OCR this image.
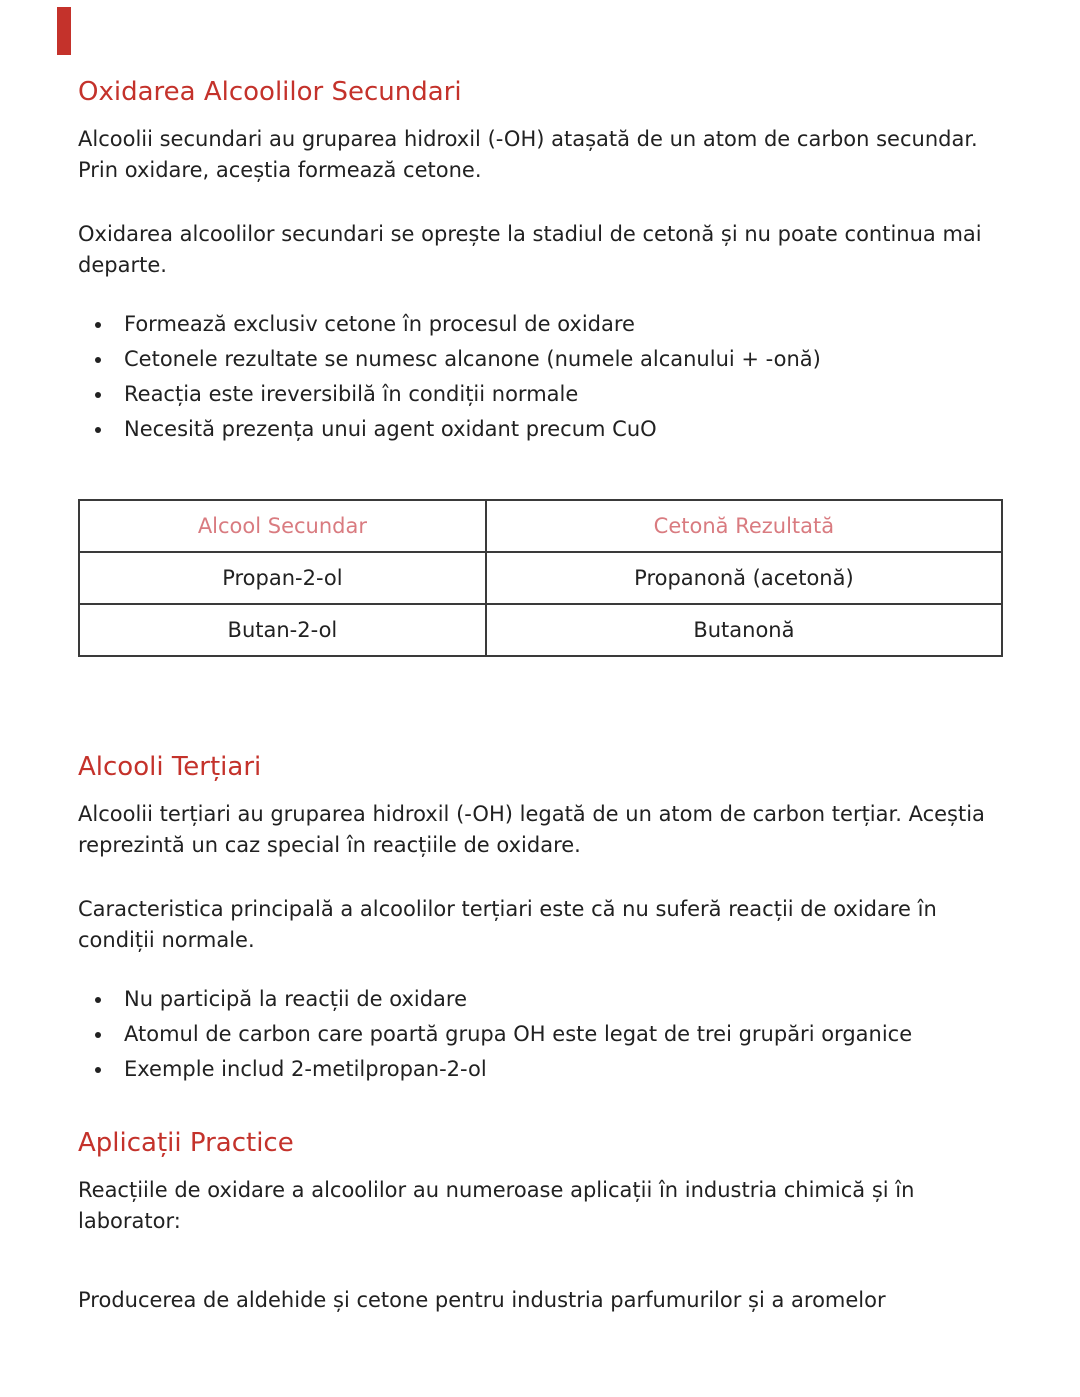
Oxidarea Alcoolilor Secundari

Alcoolii secundari au gruparea hidroxil (-OH) atașată de un atom de carbon secundar. Prin oxidare, aceștia formează cetone.

Oxidarea alcoolilor secundari se oprește la stadiul de cetonă și nu poate continua mai departe.

• Formează exclusiv cetone în procesul de oxidare
• Cetonele rezultate se numesc alcanone (numele alcanului + -onă)
• Reacția este ireversibilă în condiții normale
• Necesită prezența unui agent oxidant precum CuO
Alcool Secundar	Cetonă Rezultată
Propan-2-ol	Propanonă (acetonă)
Butan-2-ol	Butanonă
Alcooli Terțiari

Alcoolii terțiari au gruparea hidroxil (-OH) legată de un atom de carbon terțiar. Aceștia reprezintă un caz special în reacțiile de oxidare.

Caracteristica principală a alcoolilor terțiari este că nu suferă reacții de oxidare în condiții normale.

• Nu participă la reacții de oxidare
• Atomul de carbon care poartă grupa OH este legat de trei grupări organice
• Exemple includ 2-metilpropan-2-ol
Aplicații Practice

Reacțiile de oxidare a alcoolilor au numeroase aplicații în industria chimică și în laborator:

Producerea de aldehide și cetone pentru industria parfumurilor și a aromelor
